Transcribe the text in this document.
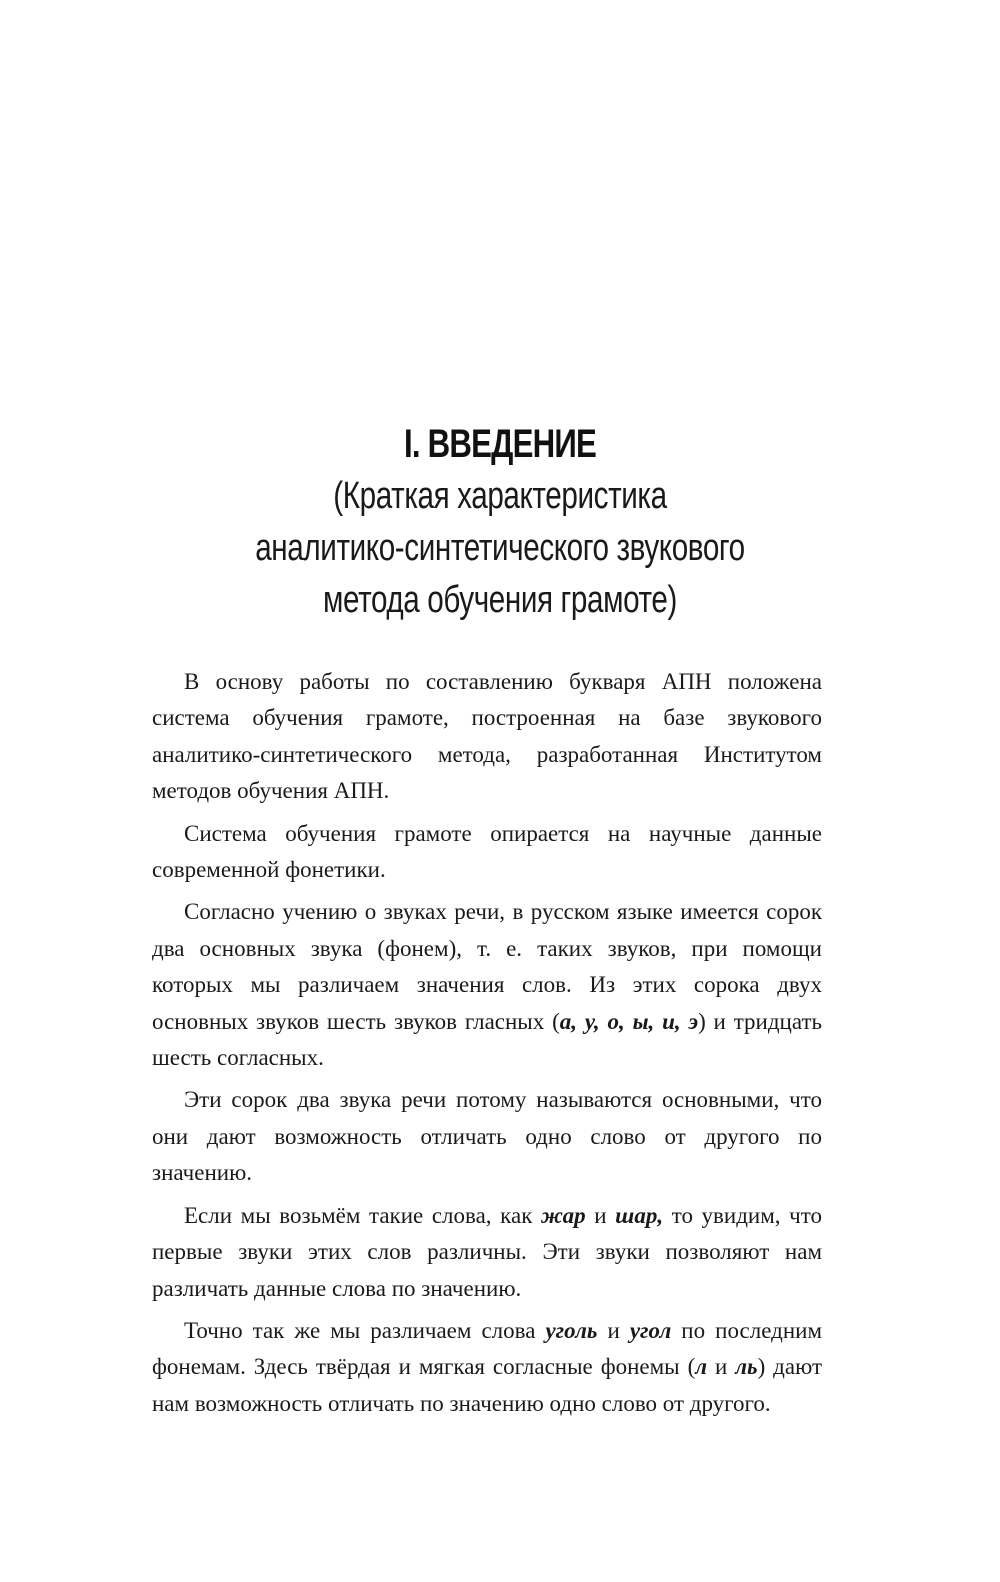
I. ВВЕДЕНИЕ
(Краткая характеристика
аналитико-синтетического звукового
метода обучения грамоте)

В основу работы по составлению букваря АПН положена система обучения грамоте, построенная на базе звукового аналитико-синтетического метода, разработанная Институтом методов обучения АПН.

Система обучения грамоте опирается на научные данные современной фонетики.

Согласно учению о звуках речи, в русском языке имеется сорок два основных звука (фонем), т. е. таких звуков, при помощи которых мы различаем значения слов. Из этих сорока двух основных звуков шесть звуков гласных (а, у, о, ы, и, э) и тридцать шесть согласных.

Эти сорок два звука речи потому называются основными, что они дают возможность отличать одно слово от другого по значению.

Если мы возьмём такие слова, как жар и шар, то увидим, что первые звуки этих слов различны. Эти звуки позволяют нам различать данные слова по значению.

Точно так же мы различаем слова уголь и угол по последним фонемам. Здесь твёрдая и мягкая согласные фонемы (л и ль) дают нам возможность отличать по значению одно слово от другого.
